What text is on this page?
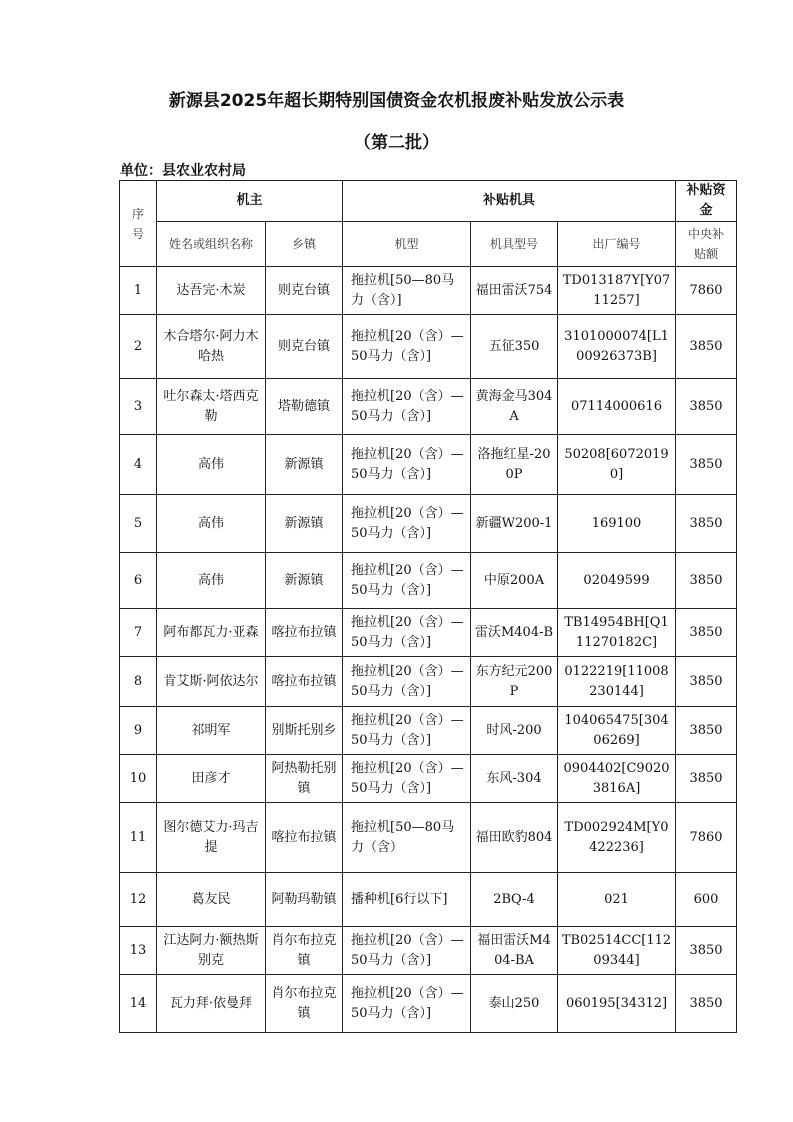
新源县2025年超长期特别国债资金农机报废补贴发放公示表
（第二批）
单位：县农业农村局
序号	机主		补贴机具			补贴资金
	姓名或组织名称	乡镇	机型	机具型号	出厂编号	中央补贴额
1	达吾完·木炭	则克台镇	拖拉机[50—80马力（含）]	福田雷沃754	TD013187Y[Y0711257]	7860
2	木合塔尔·阿力木哈热	则克台镇	拖拉机[20（含）—50马力（含）]	五征350	3101000074[L100926373B]	3850
3	吐尔森太·塔西克勒	塔勒德镇	拖拉机[20（含）—50马力（含）]	黄海金马304A	07114000616	3850
4	高伟	新源镇	拖拉机[20（含）—50马力（含）]	洛拖红星-200P	50208[60720190]	3850
5	高伟	新源镇	拖拉机[20（含）—50马力（含）]	新疆W200-1	169100	3850
6	高伟	新源镇	拖拉机[20（含）—50马力（含）]	中原200A	02049599	3850
7	阿布都瓦力·亚森	喀拉布拉镇	拖拉机[20（含）—50马力（含）]	雷沃M404-B	TB14954BH[Q111270182C]	3850
8	肯艾斯·阿依达尔	喀拉布拉镇	拖拉机[20（含）—50马力（含）]	东方纪元200P	0122219[11008230144]	3850
9	祁明军	别斯托别乡	拖拉机[20（含）—50马力（含）]	时风-200	104065475[30406269]	3850
10	田彦才	阿热勒托别镇	拖拉机[20（含）—50马力（含）]	东风-304	0904402[C90203816A]	3850
11	图尔德艾力·玛吉提	喀拉布拉镇	拖拉机[50—80马力（含）	福田欧豹804	TD002924M[Y0422236]	7860
12	葛友民	阿勒玛勒镇	播种机[6行以下]	2BQ-4	021	600
13	江达阿力·额热斯别克	肖尔布拉克镇	拖拉机[20（含）—50马力（含）]	福田雷沃M404-BA	TB02514CC[11209344]	3850
14	瓦力拜·依曼拜	肖尔布拉克镇	拖拉机[20（含）—50马力（含）]	泰山250	060195[34312]	3850
